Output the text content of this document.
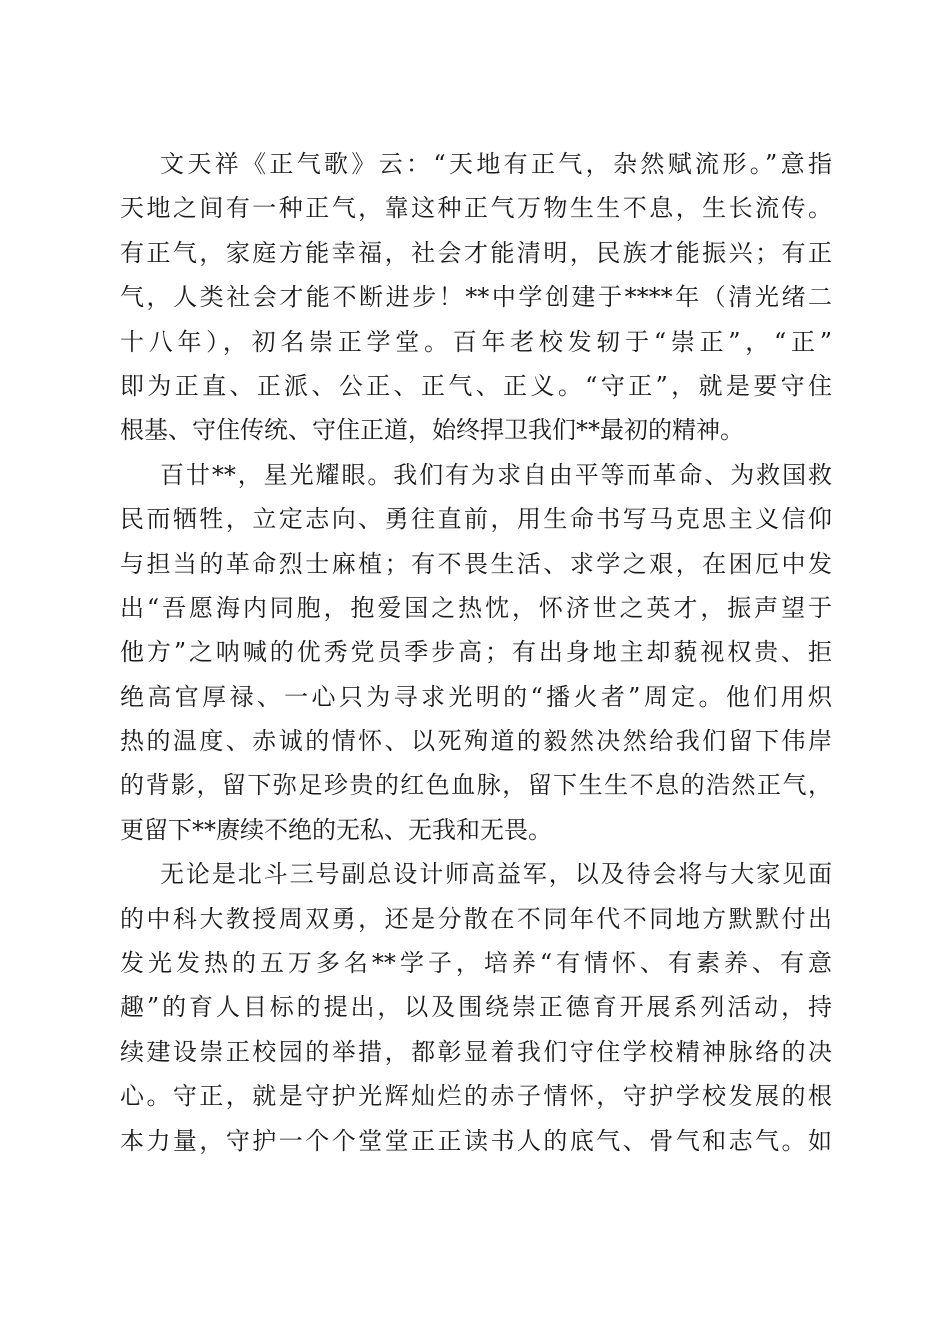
文天祥《正气歌》云：“天地有正气，杂然赋流形。”意指
天地之间有一种正气，靠这种正气万物生生不息，生长流传。
有正气，家庭方能幸福，社会才能清明，民族才能振兴；有正
气，人类社会才能不断进步！**中学创建于****年（清光绪二
十八年），初名崇正学堂。百年老校发轫于“崇正”，“正”
即为正直、正派、公正、正气、正义。“守正”，就是要守住
根基、守住传统、守住正道，始终捍卫我们**最初的精神。
百廿**，星光耀眼。我们有为求自由平等而革命、为救国救
民而牺牲，立定志向、勇往直前，用生命书写马克思主义信仰
与担当的革命烈士麻植；有不畏生活、求学之艰，在困厄中发
出“吾愿海内同胞，抱爱国之热忱，怀济世之英才，振声望于
他方”之呐喊的优秀党员季步高；有出身地主却藐视权贵、拒
绝高官厚禄、一心只为寻求光明的“播火者”周定。他们用炽
热的温度、赤诚的情怀、以死殉道的毅然决然给我们留下伟岸
的背影，留下弥足珍贵的红色血脉，留下生生不息的浩然正气，
更留下**赓续不绝的无私、无我和无畏。
无论是北斗三号副总设计师高益军，以及待会将与大家见面
的中科大教授周双勇，还是分散在不同年代不同地方默默付出
发光发热的五万多名**学子，培养“有情怀、有素养、有意
趣”的育人目标的提出，以及围绕崇正德育开展系列活动，持
续建设崇正校园的举措，都彰显着我们守住学校精神脉络的决
心。守正，就是守护光辉灿烂的赤子情怀，守护学校发展的根
本力量，守护一个个堂堂正正读书人的底气、骨气和志气。如
